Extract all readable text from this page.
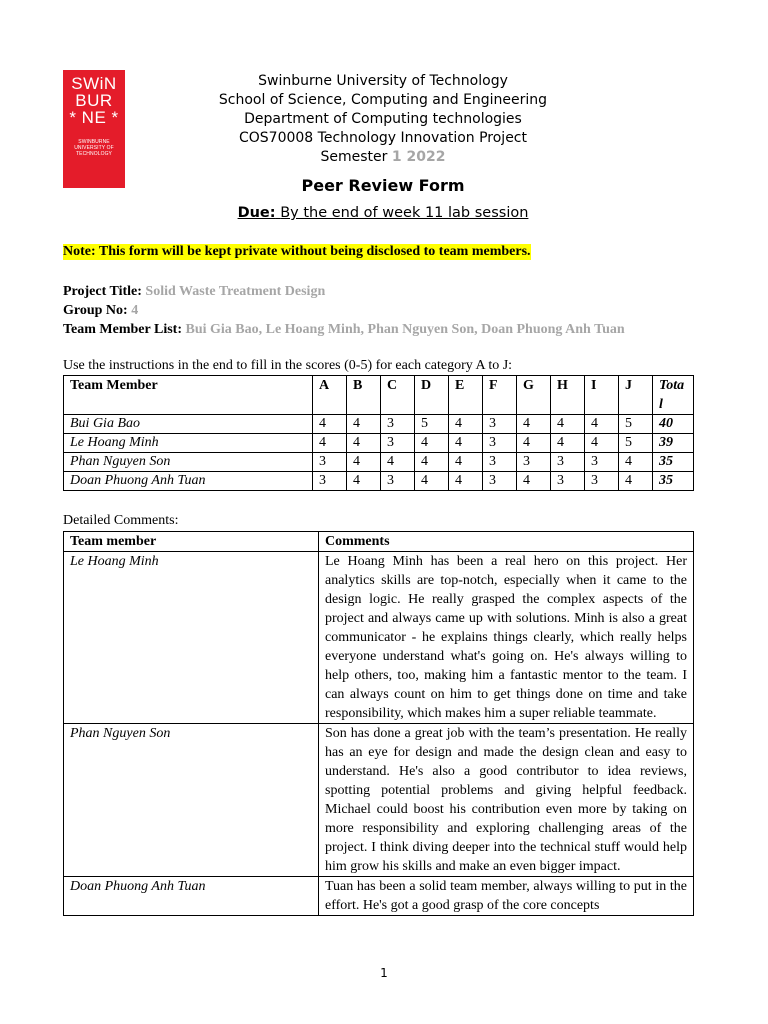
SWiN
BUR
* NE *
SWINBURNE
UNIVERSITY OF
TECHNOLOGY
Swinburne University of Technology
School of Science, Computing and Engineering
Department of Computing technologies
COS70008 Technology Innovation Project
Semester 1 2022
Peer Review Form
Due: By the end of week 11 lab session
Note: This form will be kept private without being disclosed to team members.
Project Title: Solid Waste Treatment Design
Group No: 4
Team Member List: Bui Gia Bao, Le Hoang Minh, Phan Nguyen Son, Doan Phuong Anh Tuan
Use the instructions in the end to fill in the scores (0-5) for each category A to J:
Team Member	A	B	C	D	E	F	G	H	I	J	Tota
l
Bui Gia Bao	4	4	3	5	4	3	4	4	4	5	40
Le Hoang Minh	4	4	3	4	4	3	4	4	4	5	39
Phan Nguyen Son	3	4	4	4	4	3	3	3	3	4	35
Doan Phuong Anh Tuan	3	4	3	4	4	3	4	3	3	4	35
Detailed Comments:
Team member	Comments
Le Hoang Minh	Le Hoang Minh has been a real hero on this project. Her analytics skills are top-notch, especially when it came to the design logic. He really grasped the complex aspects of the project and always came up with solutions. Minh is also a great communicator - he explains things clearly, which really helps everyone understand what's going on. He's always willing to help others, too, making him a fantastic mentor to the team. I can always count on him to get things done on time and take responsibility, which makes him a super reliable teammate.
Phan Nguyen Son	Son has done a great job with the team’s presentation. He really has an eye for design and made the design clean and easy to understand. He's also a good contributor to idea reviews, spotting potential problems and giving helpful feedback. Michael could boost his contribution even more by taking on more responsibility and exploring challenging areas of the project. I think diving deeper into the technical stuff would help him grow his skills and make an even bigger impact.
Doan Phuong Anh Tuan	Tuan has been a solid team member, always willing to put in the effort. He's got a good grasp of the core concepts
1
